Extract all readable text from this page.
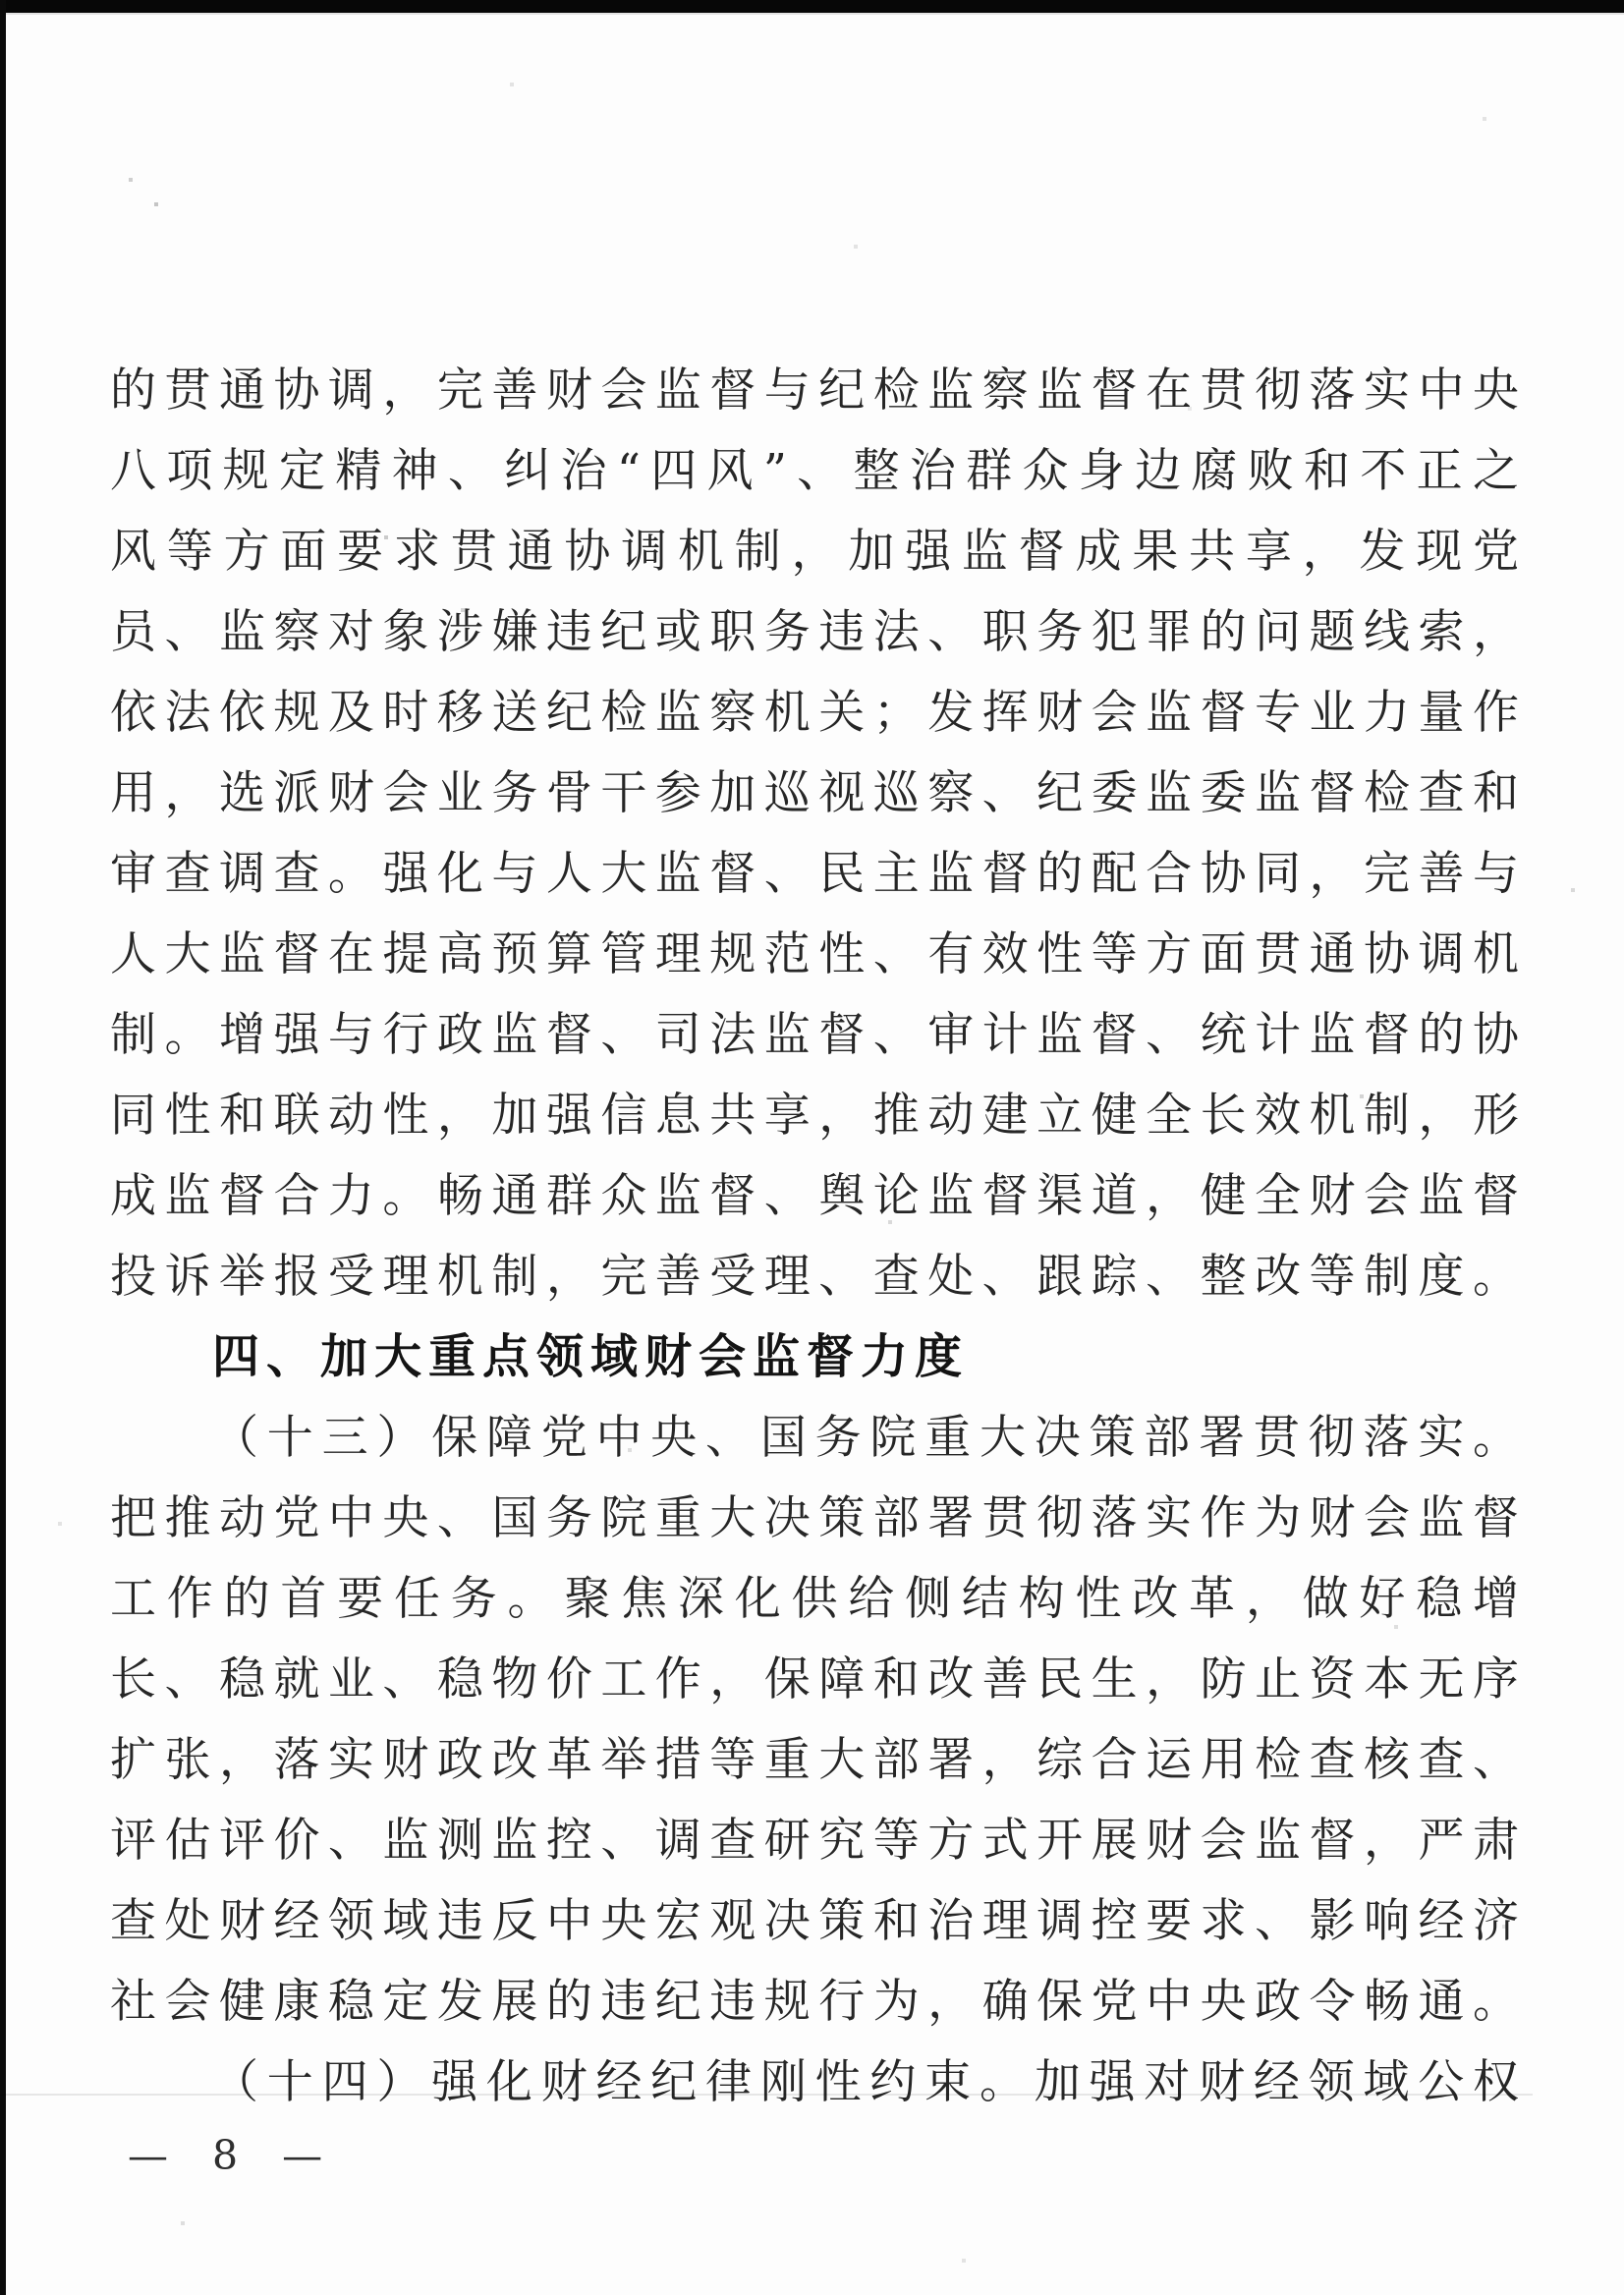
的贯通协调，完善财会监督与纪检监察监督在贯彻落实中央
八项规定精神、纠治“四风”、整治群众身边腐败和不正之
风等方面要求贯通协调机制，加强监督成果共享，发现党
员、监察对象涉嫌违纪或职务违法、职务犯罪的问题线索，
依法依规及时移送纪检监察机关；发挥财会监督专业力量作
用，选派财会业务骨干参加巡视巡察、纪委监委监督检查和
审查调查。强化与人大监督、民主监督的配合协同，完善与
人大监督在提高预算管理规范性、有效性等方面贯通协调机
制。增强与行政监督、司法监督、审计监督、统计监督的协
同性和联动性，加强信息共享，推动建立健全长效机制，形
成监督合力。畅通群众监督、舆论监督渠道，健全财会监督
投诉举报受理机制，完善受理、查处、跟踪、整改等制度。
四、加大重点领域财会监督力度
（十三）保障党中央、国务院重大决策部署贯彻落实。
把推动党中央、国务院重大决策部署贯彻落实作为财会监督
工作的首要任务。聚焦深化供给侧结构性改革，做好稳增
长、稳就业、稳物价工作，保障和改善民生，防止资本无序
扩张，落实财政改革举措等重大部署，综合运用检查核查、
评估评价、监测监控、调查研究等方式开展财会监督，严肃
查处财经领域违反中央宏观决策和治理调控要求、影响经济
社会健康稳定发展的违纪违规行为，确保党中央政令畅通。
（十四）强化财经纪律刚性约束。加强对财经领域公权
— 8 —
